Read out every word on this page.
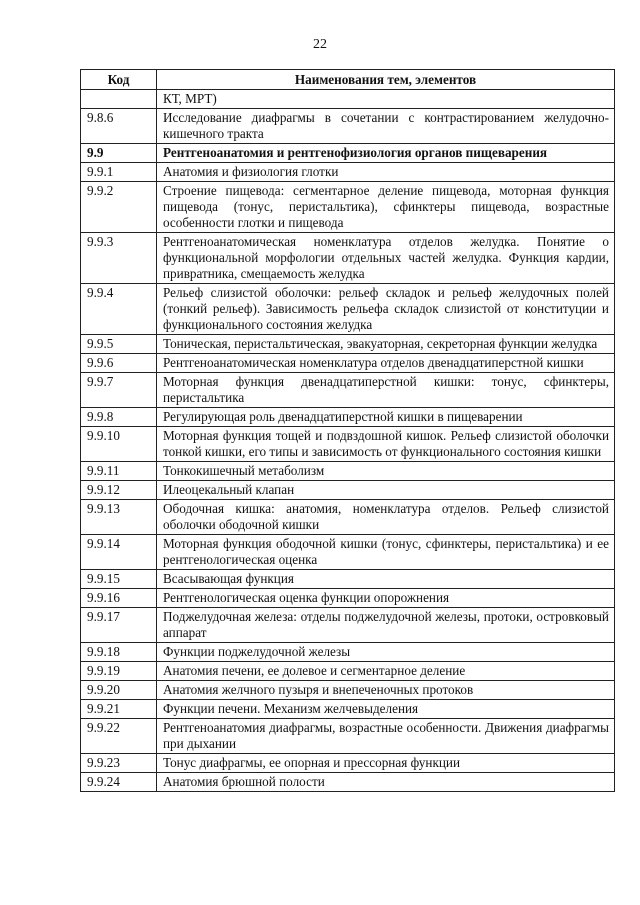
22
Код	Наименования тем, элементов
	КТ, МРТ)
9.8.6	Исследование диафрагмы в сочетании с контрастированием желудочно-кишечного тракта
9.9	Рентгеноанатомия и рентгенофизиология органов пищеварения
9.9.1	Анатомия и физиология глотки
9.9.2	Строение пищевода: сегментарное деление пищевода, моторная функция пищевода (тонус, перистальтика), сфинктеры пищевода, возрастные особенности глотки и пищевода
9.9.3	Рентгеноанатомическая номенклатура отделов желудка. Понятие о функциональной морфологии отдельных частей желудка. Функция кардии, привратника, смещаемость желудка
9.9.4	Рельеф слизистой оболочки: рельеф складок и рельеф желудочных полей (тонкий рельеф). Зависимость рельефа складок слизистой от конституции и функционального состояния желудка
9.9.5	Тоническая, перистальтическая, эвакуаторная, секреторная функции желудка
9.9.6	Рентгеноанатомическая номенклатура отделов двенадцатиперстной кишки
9.9.7	Моторная функция двенадцатиперстной кишки: тонус, сфинктеры, перистальтика
9.9.8	Регулирующая роль двенадцатиперстной кишки в пищеварении
9.9.10	Моторная функция тощей и подвздошной кишок. Рельеф слизистой оболочки тонкой кишки, его типы и зависимость от функционального состояния кишки
9.9.11	Тонкокишечный метаболизм
9.9.12	Илеоцекальный клапан
9.9.13	Ободочная кишка: анатомия, номенклатура отделов. Рельеф слизистой оболочки ободочной кишки
9.9.14	Моторная функция ободочной кишки (тонус, сфинктеры, перистальтика) и ее рентгенологическая оценка
9.9.15	Всасывающая функция
9.9.16	Рентгенологическая оценка функции опорожнения
9.9.17	Поджелудочная железа: отделы поджелудочной железы, протоки, островковый аппарат
9.9.18	Функции поджелудочной железы
9.9.19	Анатомия печени, ее долевое и сегментарное деление
9.9.20	Анатомия желчного пузыря и внепеченочных протоков
9.9.21	Функции печени. Механизм желчевыделения
9.9.22	Рентгеноанатомия диафрагмы, возрастные особенности. Движения диафрагмы при дыхании
9.9.23	Тонус диафрагмы, ее опорная и прессорная функции
9.9.24	Анатомия брюшной полости
